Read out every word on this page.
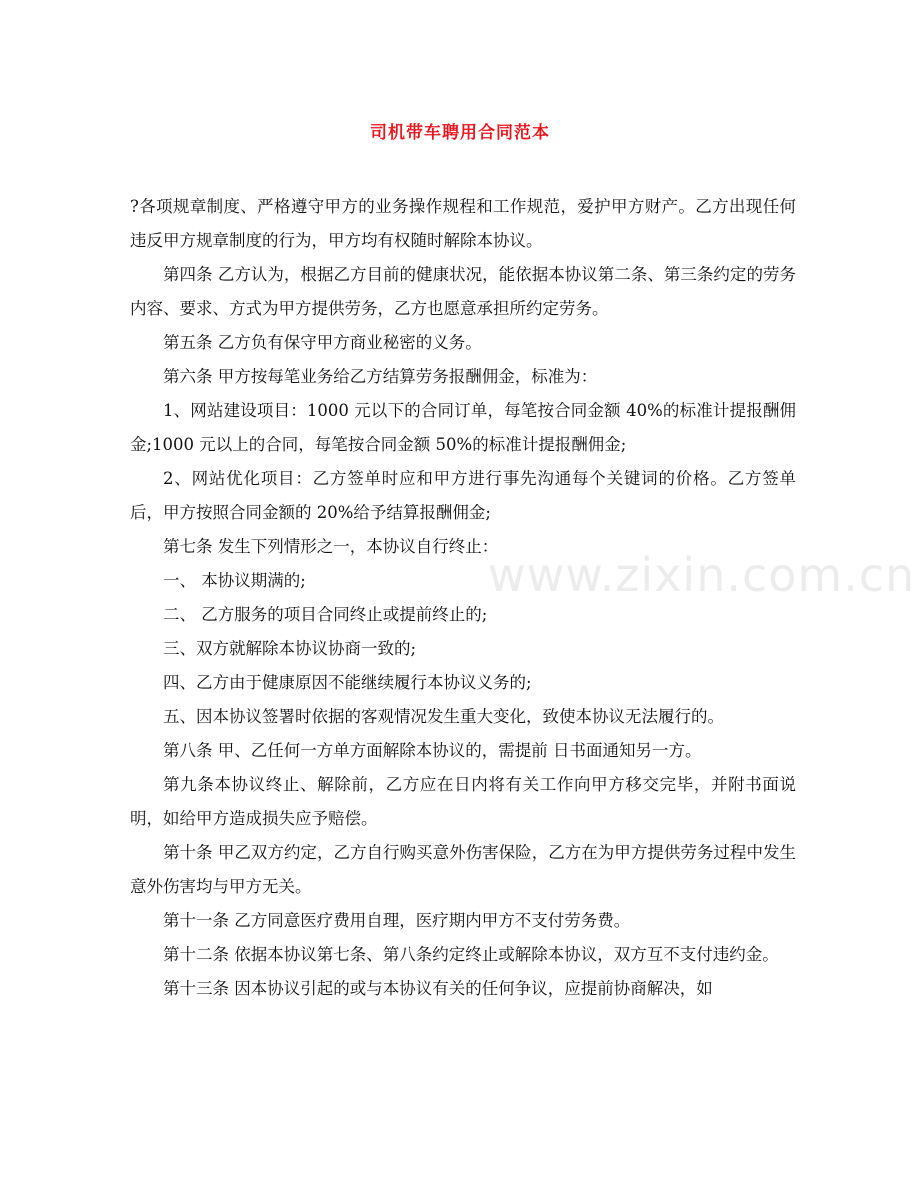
司机带车聘用合同范本

?各项规章制度、严格遵守甲方的业务操作规程和工作规范，爱护甲方财产。乙方出现任何违反甲方规章制度的行为，甲方均有权随时解除本协议。

第四条 乙方认为，根据乙方目前的健康状况，能依据本协议第二条、第三条约定的劳务内容、要求、方式为甲方提供劳务，乙方也愿意承担所约定劳务。

第五条 乙方负有保守甲方商业秘密的义务。

第六条 甲方按每笔业务给乙方结算劳务报酬佣金，标准为：

1、网站建设项目：1000 元以下的合同订单，每笔按合同金额 40%的标准计提报酬佣金;1000 元以上的合同，每笔按合同金额 50%的标准计提报酬佣金;

2、网站优化项目：乙方签单时应和甲方进行事先沟通每个关键词的价格。乙方签单后，甲方按照合同金额的 20%给予结算报酬佣金;

第七条 发生下列情形之一，本协议自行终止：

一、 本协议期满的;

二、 乙方服务的项目合同终止或提前终止的;

三、双方就解除本协议协商一致的;

四、乙方由于健康原因不能继续履行本协议义务的;

五、因本协议签署时依据的客观情况发生重大变化，致使本协议无法履行的。

第八条 甲、乙任何一方单方面解除本协议的，需提前 日书面通知另一方。

第九条本协议终止、解除前，乙方应在日内将有关工作向甲方移交完毕，并附书面说明，如给甲方造成损失应予赔偿。

第十条 甲乙双方约定，乙方自行购买意外伤害保险，乙方在为甲方提供劳务过程中发生意外伤害均与甲方无关。

第十一条 乙方同意医疗费用自理，医疗期内甲方不支付劳务费。

第十二条 依据本协议第七条、第八条约定终止或解除本协议，双方互不支付违约金。

第十三条 因本协议引起的或与本协议有关的任何争议，应提前协商解决，如

www.zixin.com.cn
